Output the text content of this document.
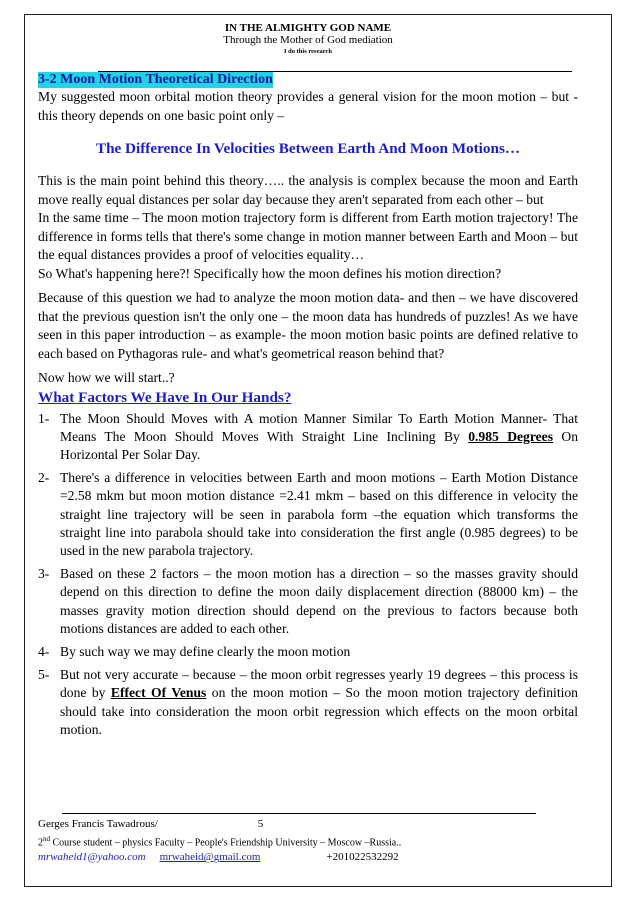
IN THE ALMIGHTY GOD NAME
Through the Mother of God mediation
I do this research
3-2 Moon Motion Theoretical Direction

My suggested moon orbital motion theory provides a general vision for the moon motion – but - this theory depends on one basic point only –

The Difference In Velocities Between Earth And Moon Motions…

This is the main point behind this theory….. the analysis is complex because the moon and Earth move really equal distances per solar day because they aren't separated from each other – but

In the same time – The moon motion trajectory form is different from Earth motion trajectory! The difference in forms tells that there's some change in motion manner between Earth and Moon – but the equal distances provides a proof of velocities equality…

So What's happening here?! Specifically how the moon defines his motion direction?

Because of this question we had to analyze the moon motion data- and then – we have discovered that the previous question isn't the only one – the moon data has hundreds of puzzles! As we have seen in this paper introduction – as example- the moon motion basic points are defined relative to each based on Pythagoras rule- and what's geometrical reason behind that?

Now how we will start..?

What Factors We Have In Our Hands?
1- The Moon Should Moves with A motion Manner Similar To Earth Motion Manner- That Means The Moon Should Moves With Straight Line Inclining By 0.985 Degrees On Horizontal Per Solar Day.
2- There's a difference in velocities between Earth and moon motions – Earth Motion Distance =2.58 mkm but moon motion distance =2.41 mkm – based on this difference in velocity the straight line trajectory will be seen in parabola form –the equation which transforms the straight line into parabola should take into consideration the first angle (0.985 degrees) to be used in the new parabola trajectory.
3- Based on these 2 factors – the moon motion has a direction – so the masses gravity should depend on this direction to define the moon daily displacement direction (88000 km) – the masses gravity motion direction should depend on the previous to factors because both motions distances are added to each other.
4- By such way we may define clearly the moon motion
5- But not very accurate – because – the moon orbit regresses yearly 19 degrees – this process is done by Effect Of Venus on the moon motion – So the moon motion trajectory definition should take into consideration the moon orbit regression which effects on the moon orbital motion.
Gerges Francis Tawadrous/	5
2nd Course student – physics Faculty – People's Friendship University – Moscow –Russia..
mrwaheid1@yahoo.com mrwaheid@gmail.com	+201022532292
